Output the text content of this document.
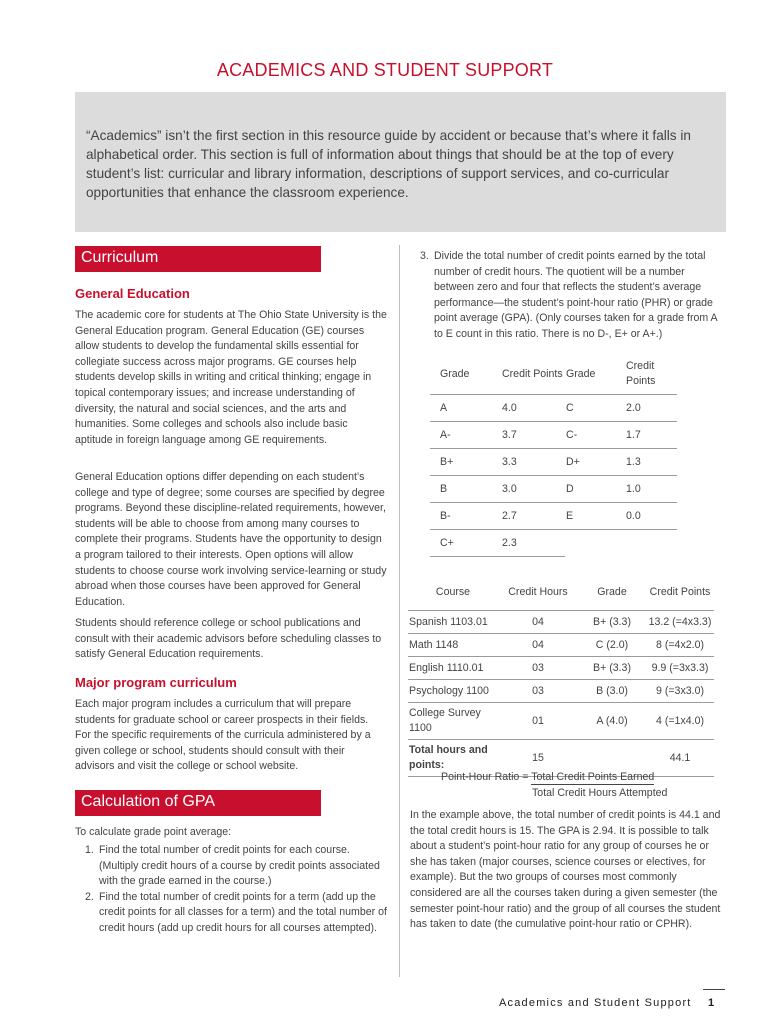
ACADEMICS AND STUDENT SUPPORT
“Academics” isn’t the first section in this resource guide by accident or because that’s where it falls in alphabetical order. This section is full of information about things that should be at the top of every student’s list: curricular and library information, descriptions of support services, and co-curricular opportunities that enhance the classroom experience.
Curriculum
General Education

The academic core for students at The Ohio State University is the General Education program. General Education (GE) courses allow students to develop the fundamental skills essential for collegiate success across major programs. GE courses help students develop skills in writing and critical thinking; engage in topical contemporary issues; and increase understanding of diversity, the natural and social sciences, and the arts and humanities. Some colleges and schools also include basic aptitude in foreign language among GE requirements.

General Education options differ depending on each student’s college and type of degree; some courses are specified by degree programs. Beyond these discipline-related requirements, however, students will be able to choose from among many courses to complete their programs. Students have the opportunity to design a program tailored to their interests. Open options will allow students to choose course work involving service-learning or study abroad when those courses have been approved for General Education.

Students should reference college or school publications and consult with their academic advisors before scheduling classes to satisfy General Education requirements.

Major program curriculum

Each major program includes a curriculum that will prepare students for graduate school or career prospects in their fields. For the specific requirements of the curricula administered by a given college or school, students should consult with their advisors and visit the college or school website.

Calculation of GPA

To calculate grade point average:

1. Find the total number of credit points for each course. (Multiply credit hours of a course by credit points associated with the grade earned in the course.)
2. Find the total number of credit points for a term (add up the credit points for all classes for a term) and the total number of credit hours (add up credit hours for all courses attempted).
3. Divide the total number of credit points earned by the total number of credit hours. The quotient will be a number between zero and four that reflects the student’s average performance—the student’s point-hour ratio (PHR) or grade point average (GPA). (Only courses taken for a grade from A to E count in this ratio. There is no D-, E+ or A+.)
Grade	Credit Points	Grade	Credit Points
A	4.0	C	2.0
A-	3.7	C-	1.7
B+	3.3	D+	1.3
B	3.0	D	1.0
B-	2.7	E	0.0
C+	2.3		
Course	Credit Hours	Grade	Credit Points
Spanish 1103.01	04	B+ (3.3)	13.2 (=4x3.3)
Math 1148	04	C (2.0)	8 (=4x2.0)
English 1110.01	03	B+ (3.3)	9.9 (=3x3.3)
Psychology 1100	03	B (3.0)	9 (=3x3.0)
College Survey 1100	01	A (4.0)	4 (=1x4.0)
Total hours and points:	15		44.1
Point-Hour Ratio = Total Credit Points Earned
Total Credit Hours Attempted

In the example above, the total number of credit points is 44.1 and the total credit hours is 15. The GPA is 2.94. It is possible to talk about a student’s point-hour ratio for any group of courses he or she has taken (major courses, science courses or electives, for example). But the two groups of courses most commonly considered are all the courses taken during a given semester (the semester point-hour ratio) and the group of all courses the student has taken to date (the cumulative point-hour ratio or CPHR).

Academics and Student Support 1
